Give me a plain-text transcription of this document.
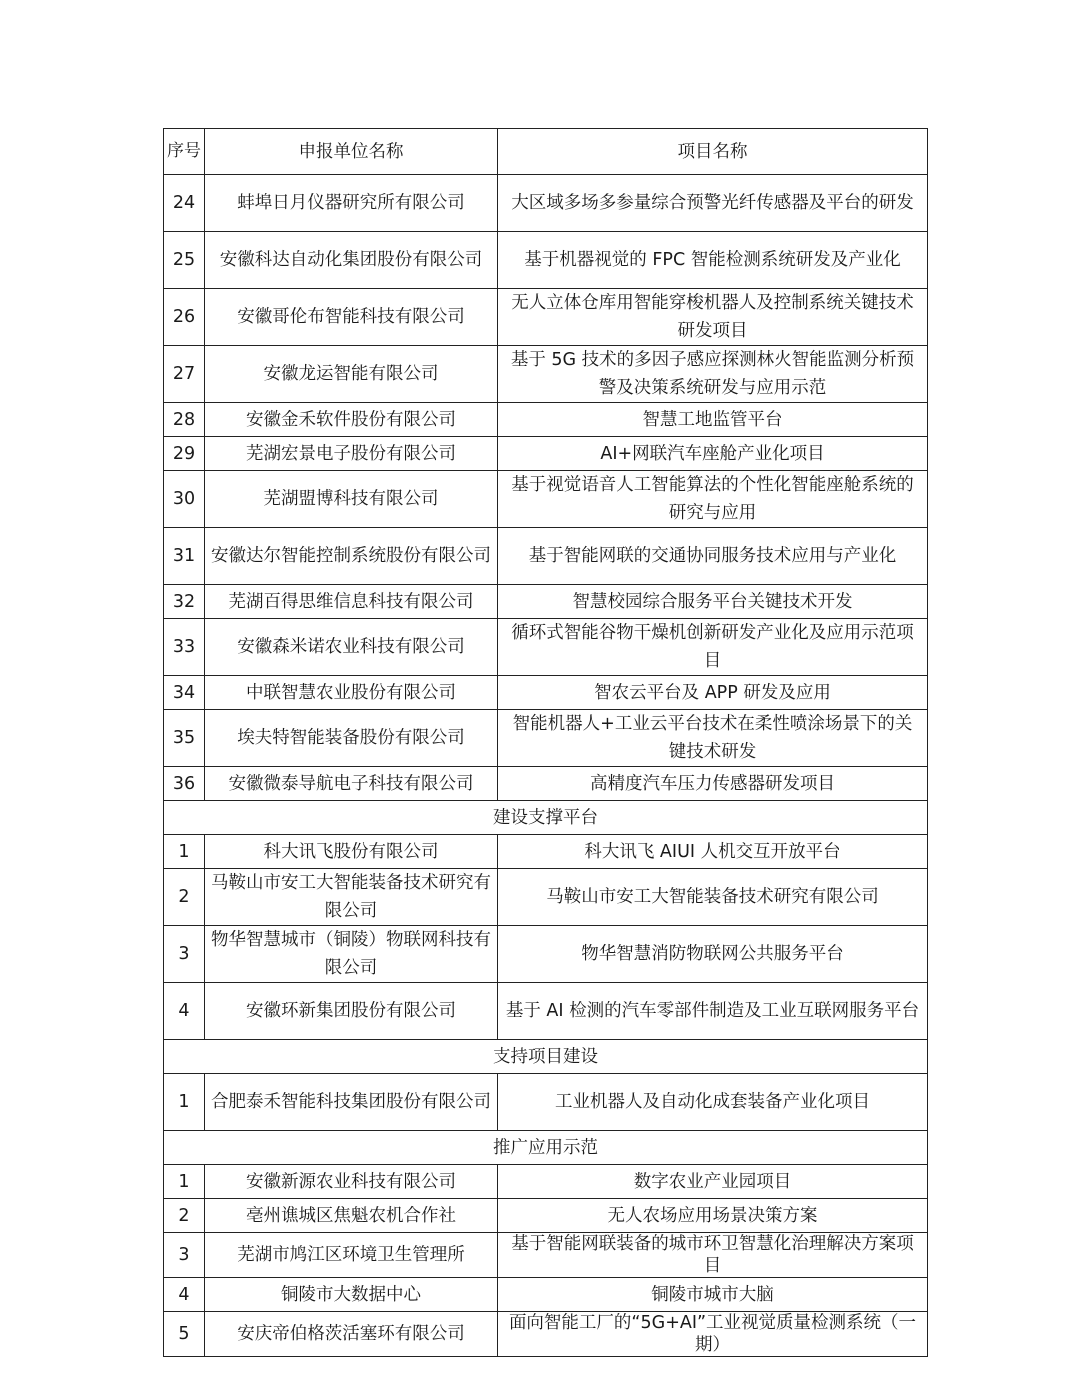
序号	申报单位名称	项目名称
24	蚌埠日月仪器研究所有限公司	大区域多场多参量综合预警光纤传感器及平台的研发
25	安徽科达自动化集团股份有限公司	基于机器视觉的 FPC 智能检测系统研发及产业化
26	安徽哥伦布智能科技有限公司	无人立体仓库用智能穿梭机器人及控制系统关键技术研发项目
27	安徽龙运智能有限公司	基于 5G 技术的多因子感应探测林火智能监测分析预警及决策系统研发与应用示范
28	安徽金禾软件股份有限公司	智慧工地监管平台
29	芜湖宏景电子股份有限公司	AI+网联汽车座舱产业化项目
30	芜湖盟博科技有限公司	基于视觉语音人工智能算法的个性化智能座舱系统的研究与应用
31	安徽达尔智能控制系统股份有限公司	基于智能网联的交通协同服务技术应用与产业化
32	芜湖百得思维信息科技有限公司	智慧校园综合服务平台关键技术开发
33	安徽森米诺农业科技有限公司	循环式智能谷物干燥机创新研发产业化及应用示范项目
34	中联智慧农业股份有限公司	智农云平台及 APP 研发及应用
35	埃夫特智能装备股份有限公司	智能机器人+工业云平台技术在柔性喷涂场景下的关键技术研发
36	安徽微泰导航电子科技有限公司	高精度汽车压力传感器研发项目
建设支撑平台		
1	科大讯飞股份有限公司	科大讯飞 AIUI 人机交互开放平台
2	马鞍山市安工大智能装备技术研究有限公司	马鞍山市安工大智能装备技术研究有限公司
3	物华智慧城市（铜陵）物联网科技有限公司	物华智慧消防物联网公共服务平台
4	安徽环新集团股份有限公司	基于 AI 检测的汽车零部件制造及工业互联网服务平台
支持项目建设		
1	合肥泰禾智能科技集团股份有限公司	工业机器人及自动化成套装备产业化项目
推广应用示范		
1	安徽新源农业科技有限公司	数字农业产业园项目
2	亳州谯城区焦魁农机合作社	无人农场应用场景决策方案
3	芜湖市鸠江区环境卫生管理所	基于智能网联装备的城市环卫智慧化治理解决方案项目
4	铜陵市大数据中心	铜陵市城市大脑
5	安庆帝伯格茨活塞环有限公司	面向智能工厂的“5G+AI”工业视觉质量检测系统（一期）
